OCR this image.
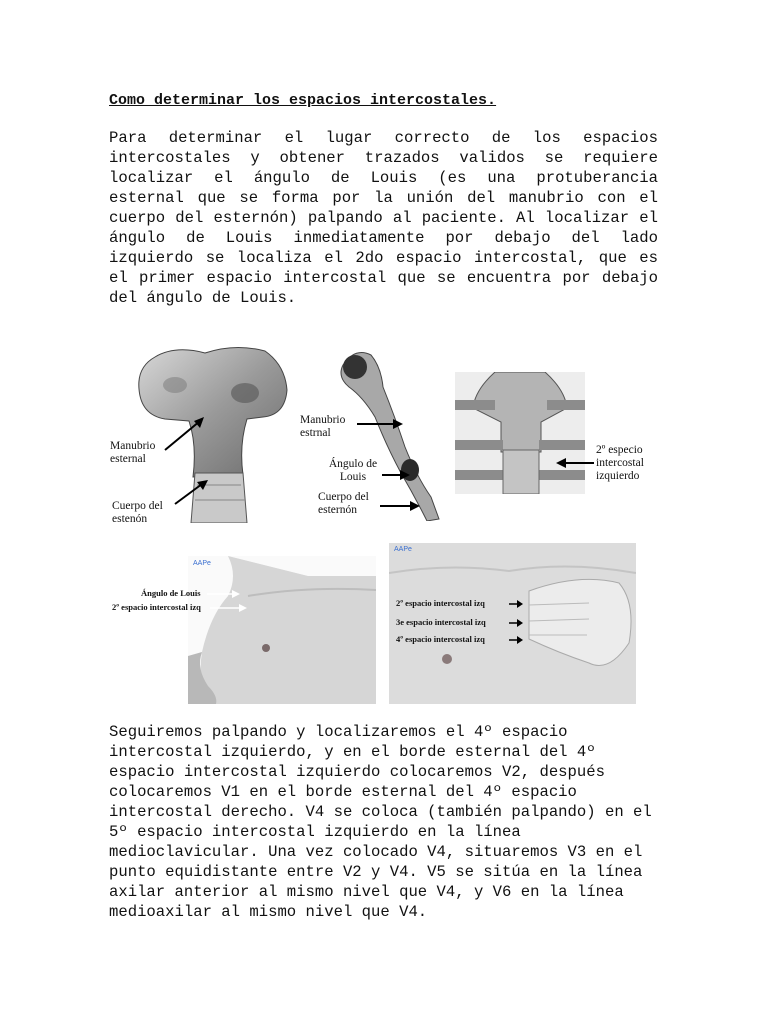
Como determinar los espacios intercostales.

Para determinar el lugar correcto de los espacios intercostales y obtener trazados validos se requiere localizar el ángulo de Louis (es una protuberancia esternal que se forma por la unión del manubrio con el cuerpo del esternón) palpando al paciente. Al localizar el ángulo de Louis inmediatamente por debajo del lado izquierdo se localiza el 2do espacio intercostal, que es el primer espacio intercostal que se encuentra por debajo del ángulo de Louis.

Manubrio esternal
Cuerpo del estenón
Manubrio estrnal
Ángulo de Louis
Cuerpo del esternón
2º especio intercostal izquierdo
AAPe
Ángulo de Louis
2º espacio intercostal izq
AAPe
2º espacio intercostal izq
3e espacio intercostal izq
4º espacio intercostal izq

Seguiremos palpando y localizaremos el 4º espacio intercostal izquierdo, y en el borde esternal del 4º espacio intercostal izquierdo colocaremos V2, después colocaremos V1 en el borde esternal del 4º espacio intercostal derecho. V4 se coloca (también palpando) en el 5º espacio intercostal izquierdo en la línea medioclavicular. Una vez colocado V4, situaremos V3 en el punto equidistante entre V2 y V4. V5 se sitúa en la línea axilar anterior al mismo nivel que V4, y V6 en la línea medioaxilar al mismo nivel que V4.
